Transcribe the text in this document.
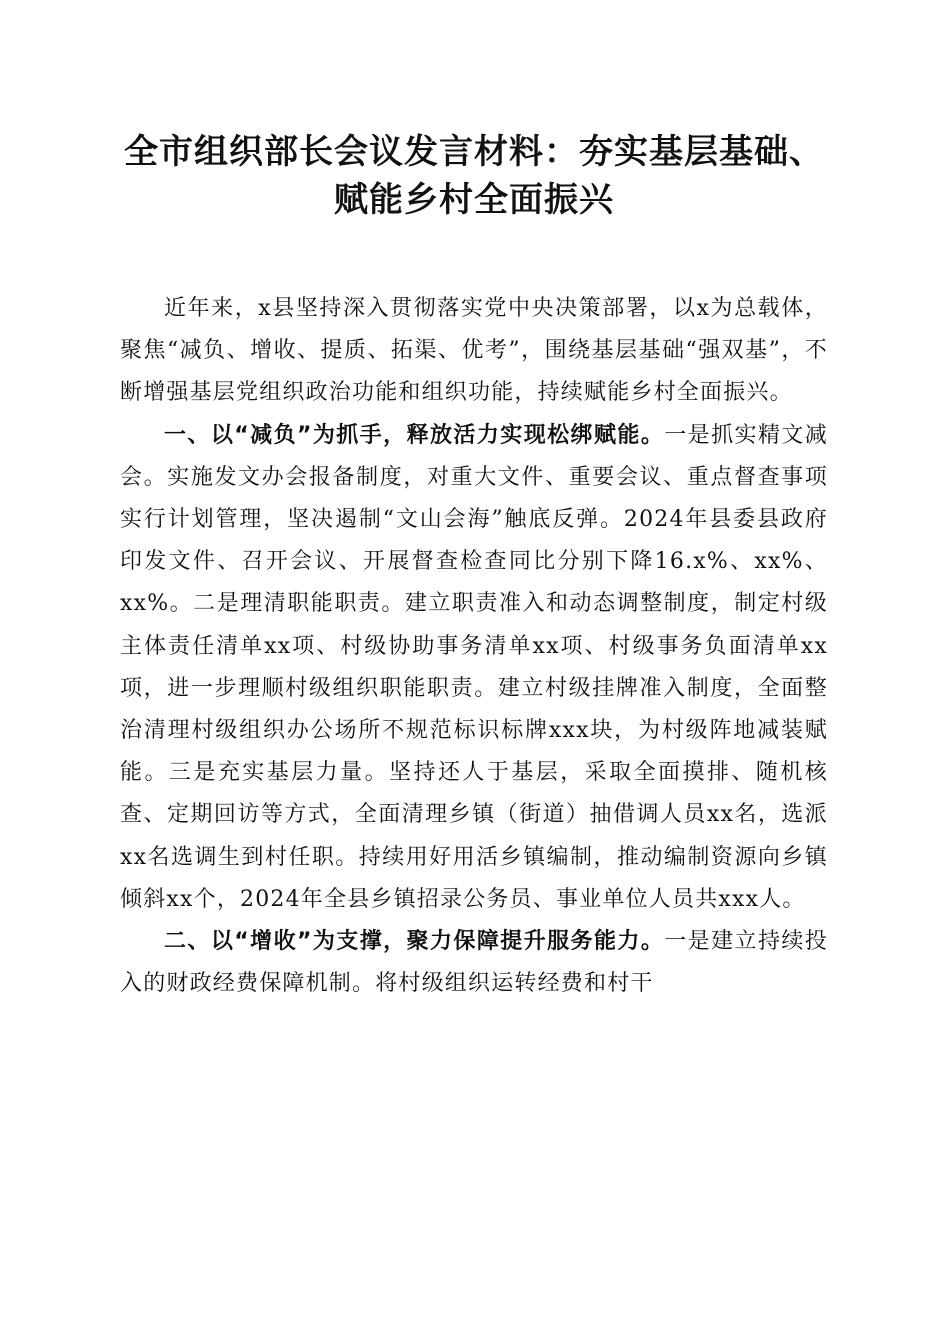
全市组织部长会议发言材料：夯实基层基础、
赋能乡村全面振兴

近年来，x县坚持深入贯彻落实党中央决策部署，以x为总载体，聚焦“减负、增收、提质、拓渠、优考”，围绕基层基础“强双基”，不断增强基层党组织政治功能和组织功能，持续赋能乡村全面振兴。

一、以“减负”为抓手，释放活力实现松绑赋能。一是抓实精文减会。实施发文办会报备制度，对重大文件、重要会议、重点督查事项实行计划管理，坚决遏制“文山会海”触底反弹。2024年县委县政府印发文件、召开会议、开展督查检查同比分别下降16.x%、xx%、xx%。二是理清职能职责。建立职责准入和动态调整制度，制定村级主体责任清单xx项、村级协助事务清单xx项、村级事务负面清单xx项，进一步理顺村级组织职能职责。建立村级挂牌准入制度，全面整治清理村级组织办公场所不规范标识标牌xxx块，为村级阵地减装赋能。三是充实基层力量。坚持还人于基层，采取全面摸排、随机核查、定期回访等方式，全面清理乡镇（街道）抽借调人员xx名，选派xx名选调生到村任职。持续用好用活乡镇编制，推动编制资源向乡镇倾斜xx个，2024年全县乡镇招录公务员、事业单位人员共xxx人。

二、以“增收”为支撑，聚力保障提升服务能力。一是建立持续投入的财政经费保障机制。将村级组织运转经费和村干
